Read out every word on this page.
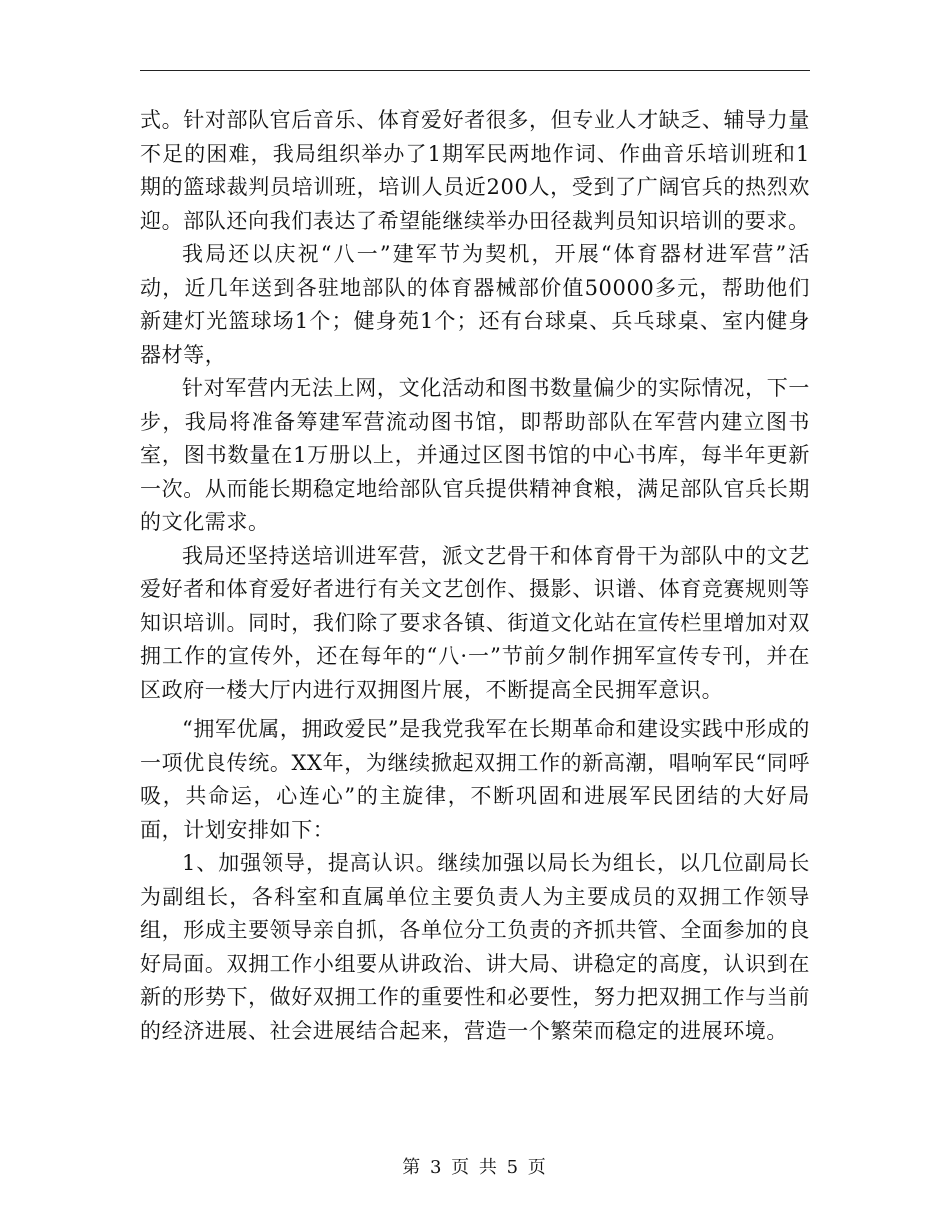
式。针对部队官后音乐、体育爱好者很多，但专业人才缺乏、辅导力量不足的困难，我局组织举办了1期军民两地作词、作曲音乐培训班和1期的篮球裁判员培训班，培训人员近200人，受到了广阔官兵的热烈欢迎。部队还向我们表达了希望能继续举办田径裁判员知识培训的要求。

我局还以庆祝“八一”建军节为契机，开展“体育器材进军营”活动，近几年送到各驻地部队的体育器械部价值50000多元，帮助他们新建灯光篮球场1个；健身苑1个；还有台球桌、兵乓球桌、室内健身器材等，

针对军营内无法上网，文化活动和图书数量偏少的实际情况，下一步，我局将准备筹建军营流动图书馆，即帮助部队在军营内建立图书室，图书数量在1万册以上，并通过区图书馆的中心书库，每半年更新一次。从而能长期稳定地给部队官兵提供精神食粮，满足部队官兵长期的文化需求。

我局还坚持送培训进军营，派文艺骨干和体育骨干为部队中的文艺爱好者和体育爱好者进行有关文艺创作、摄影、识谱、体育竞赛规则等知识培训。同时，我们除了要求各镇、街道文化站在宣传栏里增加对双拥工作的宣传外，还在每年的“八·一”节前夕制作拥军宣传专刊，并在区政府一楼大厅内进行双拥图片展，不断提高全民拥军意识。

“拥军优属，拥政爱民”是我党我军在长期革命和建设实践中形成的一项优良传统。XX年，为继续掀起双拥工作的新高潮，唱响军民“同呼吸，共命运，心连心”的主旋律，不断巩固和进展军民团结的大好局面，计划安排如下：

1、加强领导，提高认识。继续加强以局长为组长，以几位副局长为副组长，各科室和直属单位主要负责人为主要成员的双拥工作领导组，形成主要领导亲自抓，各单位分工负责的齐抓共管、全面参加的良好局面。双拥工作小组要从讲政治、讲大局、讲稳定的高度，认识到在新的形势下，做好双拥工作的重要性和必要性，努力把双拥工作与当前的经济进展、社会进展结合起来，营造一个繁荣而稳定的进展环境。

第 3 页 共 5 页
